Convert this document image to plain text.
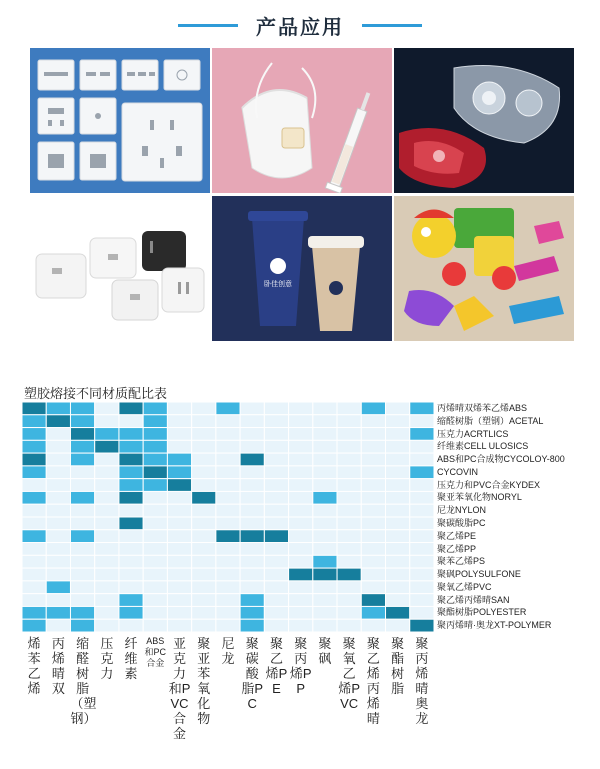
产品应用
卧佳创意
塑胶熔接不同材质配比表
丙烯晴双烯苯乙烯ABS
缩醛树脂（塑钢）ACETAL
压克力ACRTLICS
纤维素CELL ULOSICS
ABS和PC合成物CYCOLOY-800
CYCOVIN
压克力和PVC合金KYDEX
聚亚苯氧化物NORYL
尼龙NYLON
聚碳酸脂PC
聚乙烯PE
聚乙烯PP
聚苯乙烯PS
聚砜POLYSULFONE
聚氧乙烯PVC
聚乙烯丙烯晴SAN
聚酯树脂POLYESTER
聚丙烯晴·奥龙XT-POLYMER
烯苯乙烯
丙烯晴双
缩醛树脂（塑钢）
压克力
纤维素
ABS和PC合金
亚克力和PVC合金
聚亚苯氧化物
尼龙
聚碳酸脂PC
聚乙烯PE
聚丙烯PP
聚砜
聚氧乙烯PVC
聚乙烯丙烯晴
聚酯树脂
聚丙烯晴奥龙
